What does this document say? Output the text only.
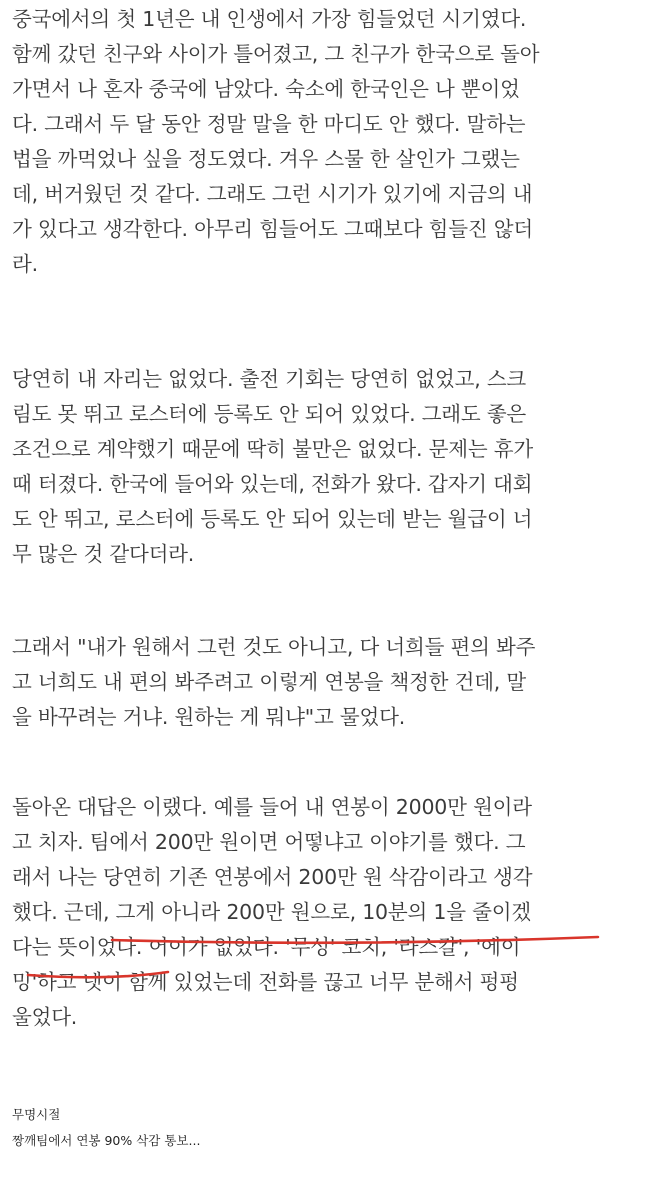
중국에서의 첫 1년은 내 인생에서 가장 힘들었던 시기였다.
함께 갔던 친구와 사이가 틀어졌고, 그 친구가 한국으로 돌아
가면서 나 혼자 중국에 남았다. 숙소에 한국인은 나 뿐이었
다. 그래서 두 달 동안 정말 말을 한 마디도 안 했다. 말하는
법을 까먹었나 싶을 정도였다. 겨우 스물 한 살인가 그랬는
데, 버거웠던 것 같다. 그래도 그런 시기가 있기에 지금의 내
가 있다고 생각한다. 아무리 힘들어도 그때보다 힘들진 않더
라.
당연히 내 자리는 없었다. 출전 기회는 당연히 없었고, 스크
림도 못 뛰고 로스터에 등록도 안 되어 있었다. 그래도 좋은
조건으로 계약했기 때문에 딱히 불만은 없었다. 문제는 휴가
때 터졌다. 한국에 들어와 있는데, 전화가 왔다. 갑자기 대회
도 안 뛰고, 로스터에 등록도 안 되어 있는데 받는 월급이 너
무 많은 것 같다더라.
그래서 "내가 원해서 그런 것도 아니고, 다 너희들 편의 봐주
고 너희도 내 편의 봐주려고 이렇게 연봉을 책정한 건데, 말
을 바꾸려는 거냐. 원하는 게 뭐냐"고 물었다.
돌아온 대답은 이랬다. 예를 들어 내 연봉이 2000만 원이라
고 치자. 팀에서 200만 원이면 어떻냐고 이야기를 했다. 그
래서 나는 당연히 기존 연봉에서 200만 원 삭감이라고 생각
했다. 근데, 그게 아니라 200만 원으로, 10분의 1을 줄이겠
다는 뜻이었다. 어이가 없었다. '무성' 코치, '라스칼', '에이
밍'하고 넷이 함께 있었는데 전화를 끊고 너무 분해서 펑펑
울었다.
무명시절
짱깨팀에서 연봉 90% 삭감 통보...
